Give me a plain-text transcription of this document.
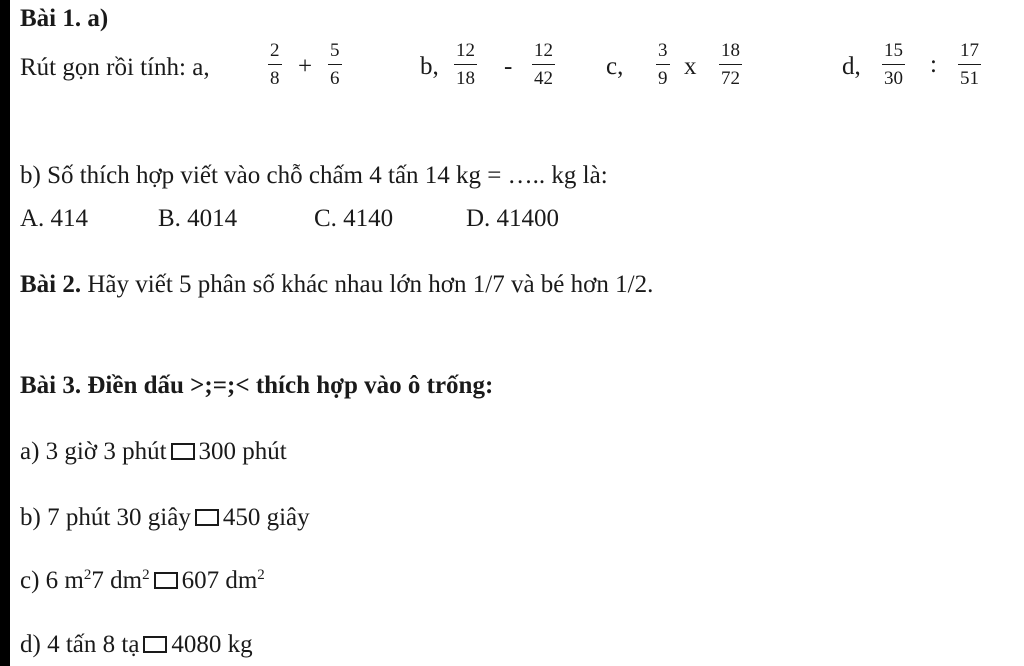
Bài 1. a)
Rút gọn rồi tính: a,
2
8 +
5
6	b,
12
18 -
12
42 c,
3
9 x
18
72	d,
15
30
:
17
51
b) Số thích hợp viết vào chỗ chấm 4 tấn 14 kg = ….. kg là:
A. 414	B. 4014	C. 4140	D. 41400
Bài 2. Hãy viết 5 phân số khác nhau lớn hơn 1/7 và bé hơn 1/2.
Bài 3. Điền dấu >;=;< thích hợp vào ô trống:
a) 3 giờ 3 phút 300 phút
b) 7 phút 30 giây 450 giây
c) 6 $m^27$ $dm^2$ 607 $dm^2$
d) 4 tấn 8 tạ 4080 kg
